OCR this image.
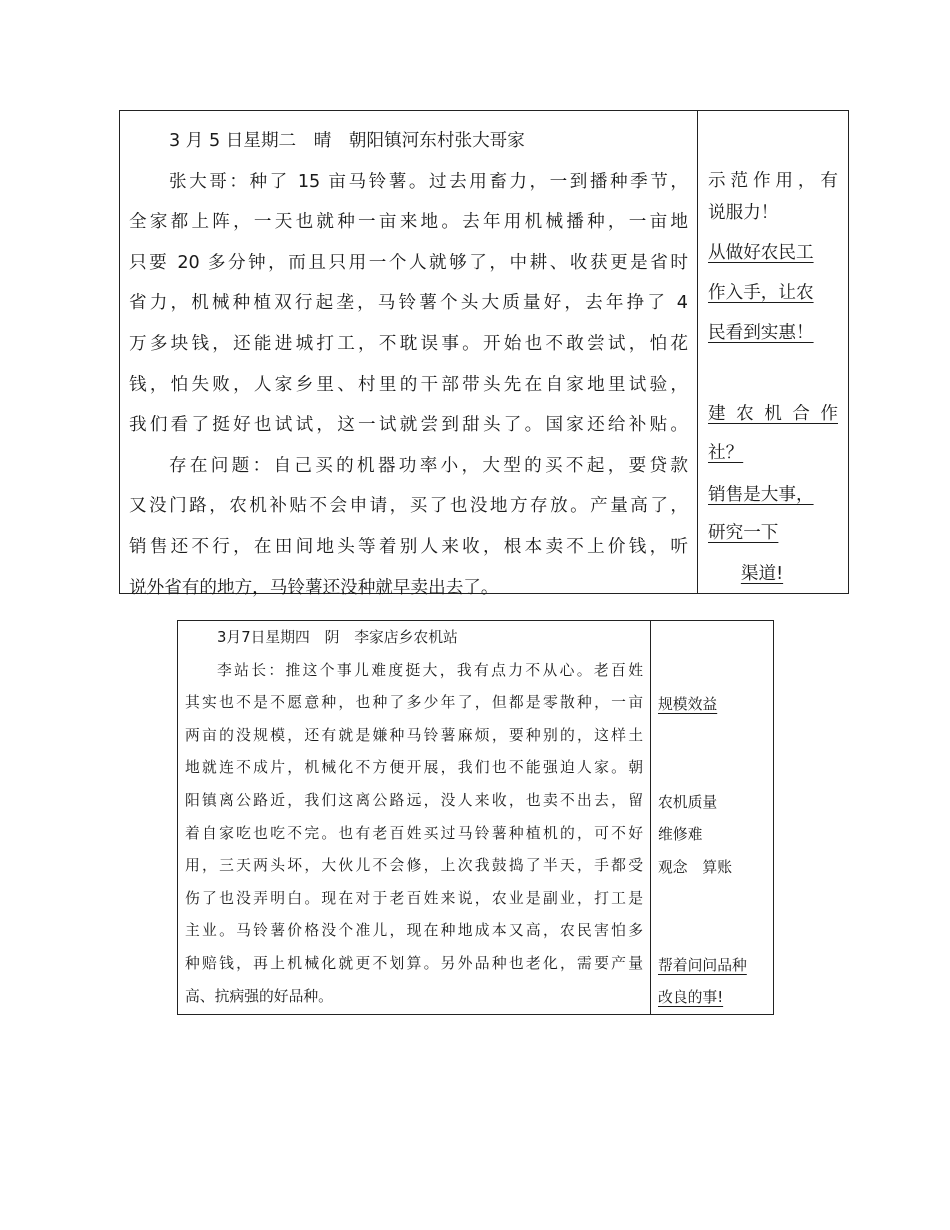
3 月 5 日星期二　晴　朝阳镇河东村张大哥家
张大哥：种了 15 亩马铃薯。过去用畜力，一到播种季节，
全家都上阵，一天也就种一亩来地。去年用机械播种，一亩地
只要 20 多分钟，而且只用一个人就够了，中耕、收获更是省时
省力，机械种植双行起垄，马铃薯个头大质量好，去年挣了 4
万多块钱，还能进城打工，不耽误事。开始也不敢尝试，怕花
钱，怕失败，人家乡里、村里的干部带头先在自家地里试验，
我们看了挺好也试试，这一试就尝到甜头了。国家还给补贴。
存在问题：自己买的机器功率小，大型的买不起，要贷款
又没门路，农机补贴不会申请，买了也没地方存放。产量高了，
销售还不行，在田间地头等着别人来收，根本卖不上价钱，听
说外省有的地方，马铃薯还没种就早卖出去了。
示范作用，有
说服力！
从做好农民工
作入手，让农
民看到实惠！
建 农 机 合 作
社？
销售是大事，
研究一下
渠道!
3月7日星期四　阴　李家店乡农机站
李站长：推这个事儿难度挺大，我有点力不从心。老百姓
其实也不是不愿意种，也种了多少年了，但都是零散种，一亩
两亩的没规模，还有就是嫌种马铃薯麻烦，要种别的，这样土
地就连不成片，机械化不方便开展，我们也不能强迫人家。朝
阳镇离公路近，我们这离公路远，没人来收，也卖不出去，留
着自家吃也吃不完。也有老百姓买过马铃薯种植机的，可不好
用，三天两头坏，大伙儿不会修，上次我鼓捣了半天，手都受
伤了也没弄明白。现在对于老百姓来说，农业是副业，打工是
主业。马铃薯价格没个准儿，现在种地成本又高，农民害怕多
种赔钱，再上机械化就更不划算。另外品种也老化，需要产量
高、抗病强的好品种。
规模效益
农机质量
维修难
观念　算账
帮着问问品种
改良的事!
